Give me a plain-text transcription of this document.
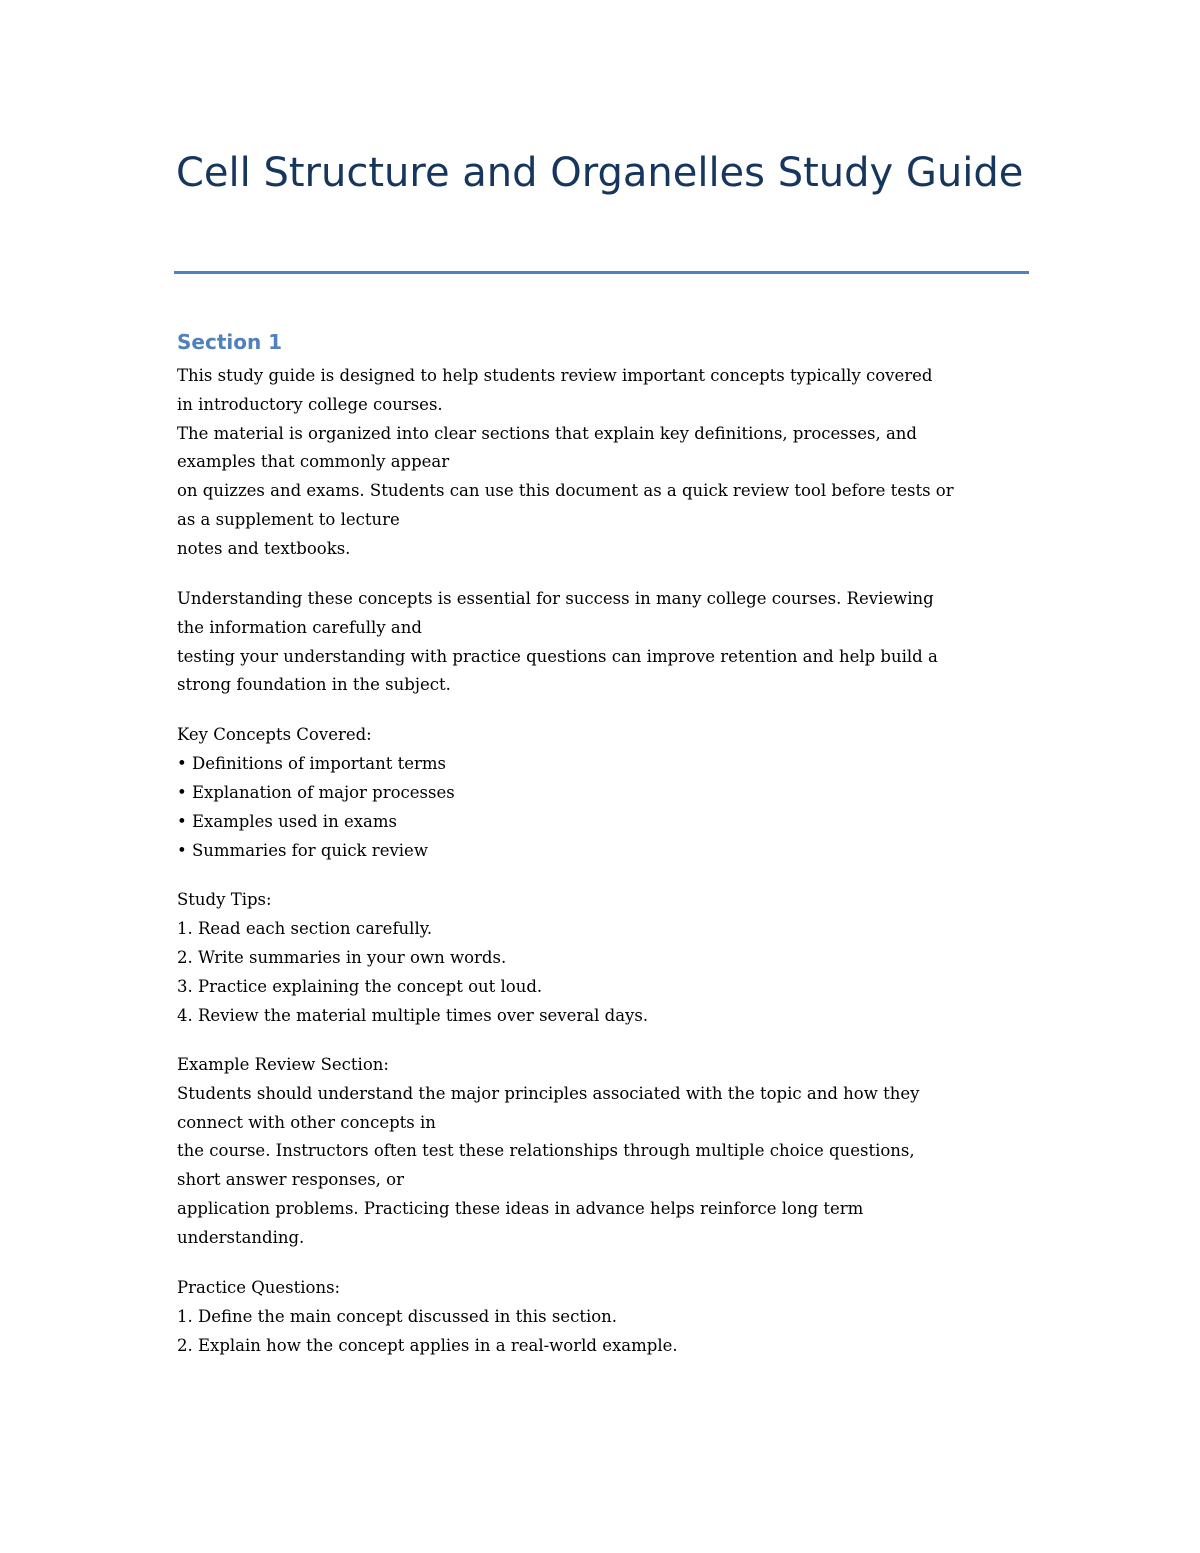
Cell Structure and Organelles Study Guide
Section 1
This study guide is designed to help students review important concepts typically covered
in introductory college courses.
The material is organized into clear sections that explain key definitions, processes, and
examples that commonly appear
on quizzes and exams. Students can use this document as a quick review tool before tests or
as a supplement to lecture
notes and textbooks.
Understanding these concepts is essential for success in many college courses. Reviewing
the information carefully and
testing your understanding with practice questions can improve retention and help build a
strong foundation in the subject.
Key Concepts Covered:
• Definitions of important terms
• Explanation of major processes
• Examples used in exams
• Summaries for quick review
Study Tips:
1. Read each section carefully.
2. Write summaries in your own words.
3. Practice explaining the concept out loud.
4. Review the material multiple times over several days.
Example Review Section:
Students should understand the major principles associated with the topic and how they
connect with other concepts in
the course. Instructors often test these relationships through multiple choice questions,
short answer responses, or
application problems. Practicing these ideas in advance helps reinforce long term
understanding.
Practice Questions:
1. Define the main concept discussed in this section.
2. Explain how the concept applies in a real-world example.
